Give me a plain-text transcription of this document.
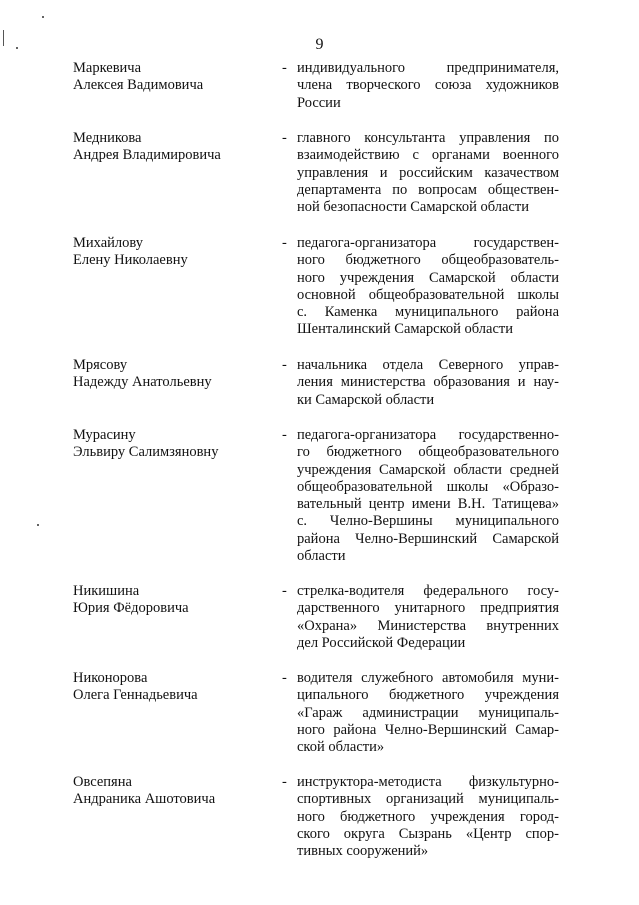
9
Маркевича
Алексея Вадимовича
- индивидуального предпринимателя,
члена творческого союза художников
России
Медникова
Андрея Владимировича
- главного консультанта управления по
взаимодействию с органами военного
управления и российским казачеством
департамента по вопросам обществен-
ной безопасности Самарской области
Михайлову
Елену Николаевну
- педагога-организатора государствен-
ного бюджетного общеобразователь-
ного учреждения Самарской области
основной общеобразовательной школы
с. Каменка муниципального района
Шенталинский Самарской области
Мрясову
Надежду Анатольевну
- начальника отдела Северного управ-
ления министерства образования и нау-
ки Самарской области
Мурасину
Эльвиру Салимзяновну
- педагога-организатора государственно-
го бюджетного общеобразовательного
учреждения Самарской области средней
общеобразовательной школы «Образо-
вательный центр имени В.Н. Татищева»
с. Челно-Вершины муниципального
района Челно-Вершинский Самарской
области
Никишина
Юрия Фёдоровича
- стрелка-водителя федерального госу-
дарственного унитарного предприятия
«Охрана» Министерства внутренних
дел Российской Федерации
Никонорова
Олега Геннадьевича
- водителя служебного автомобиля муни-
ципального бюджетного учреждения
«Гараж администрации муниципаль-
ного района Челно-Вершинский Самар-
ской области»
Овсепяна
Андраника Ашотовича
- инструктора-методиста физкультурно-
спортивных организаций муниципаль-
ного бюджетного учреждения город-
ского округа Сызрань «Центр спор-
тивных сооружений»
